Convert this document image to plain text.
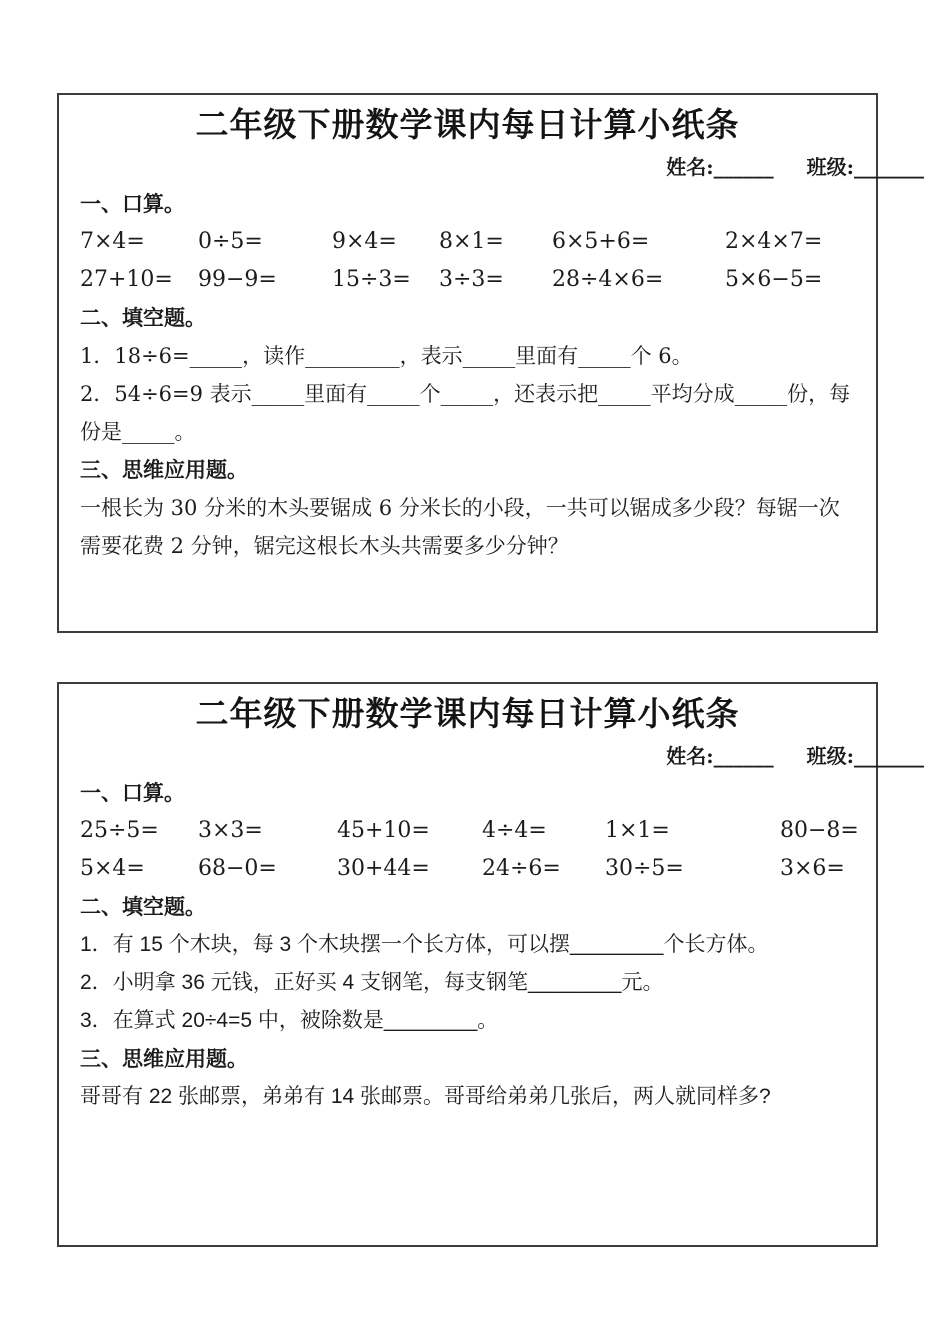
二年级下册数学课内每日计算小纸条
姓名:______ 班级:_______
一、口算。
7×4=	0÷5=	9×4=	8×1=	6×5+6=	2×4×7=
27+10=	99−9=	15÷3=	3÷3=	28÷4×6=	5×6−5=
二、填空题。

1．18÷6=_____，读作_________，表示_____里面有_____个 6。

2．54÷6=9 表示_____里面有_____个_____，还表示把_____平均分成_____份，每份是_____。

三、思维应用题。

一根长为 30 分米的木头要锯成 6 分米长的小段，一共可以锯成多少段？每锯一次需要花费 2 分钟，锯完这根长木头共需要多少分钟？

二年级下册数学课内每日计算小纸条
姓名:______ 班级:_______
一、口算。
25÷5=	3×3=	45+10=	4÷4=	1×1=	80−8=
5×4=	68−0=	30+44=	24÷6=	30÷5=	3×6=
二、填空题。

1．有 15 个木块，每 3 个木块摆一个长方体，可以摆________个长方体。

2．小明拿 36 元钱，正好买 4 支钢笔，每支钢笔________元。

3．在算式 20÷4=5 中，被除数是________。

三、思维应用题。

哥哥有 22 张邮票，弟弟有 14 张邮票。哥哥给弟弟几张后，两人就同样多?
